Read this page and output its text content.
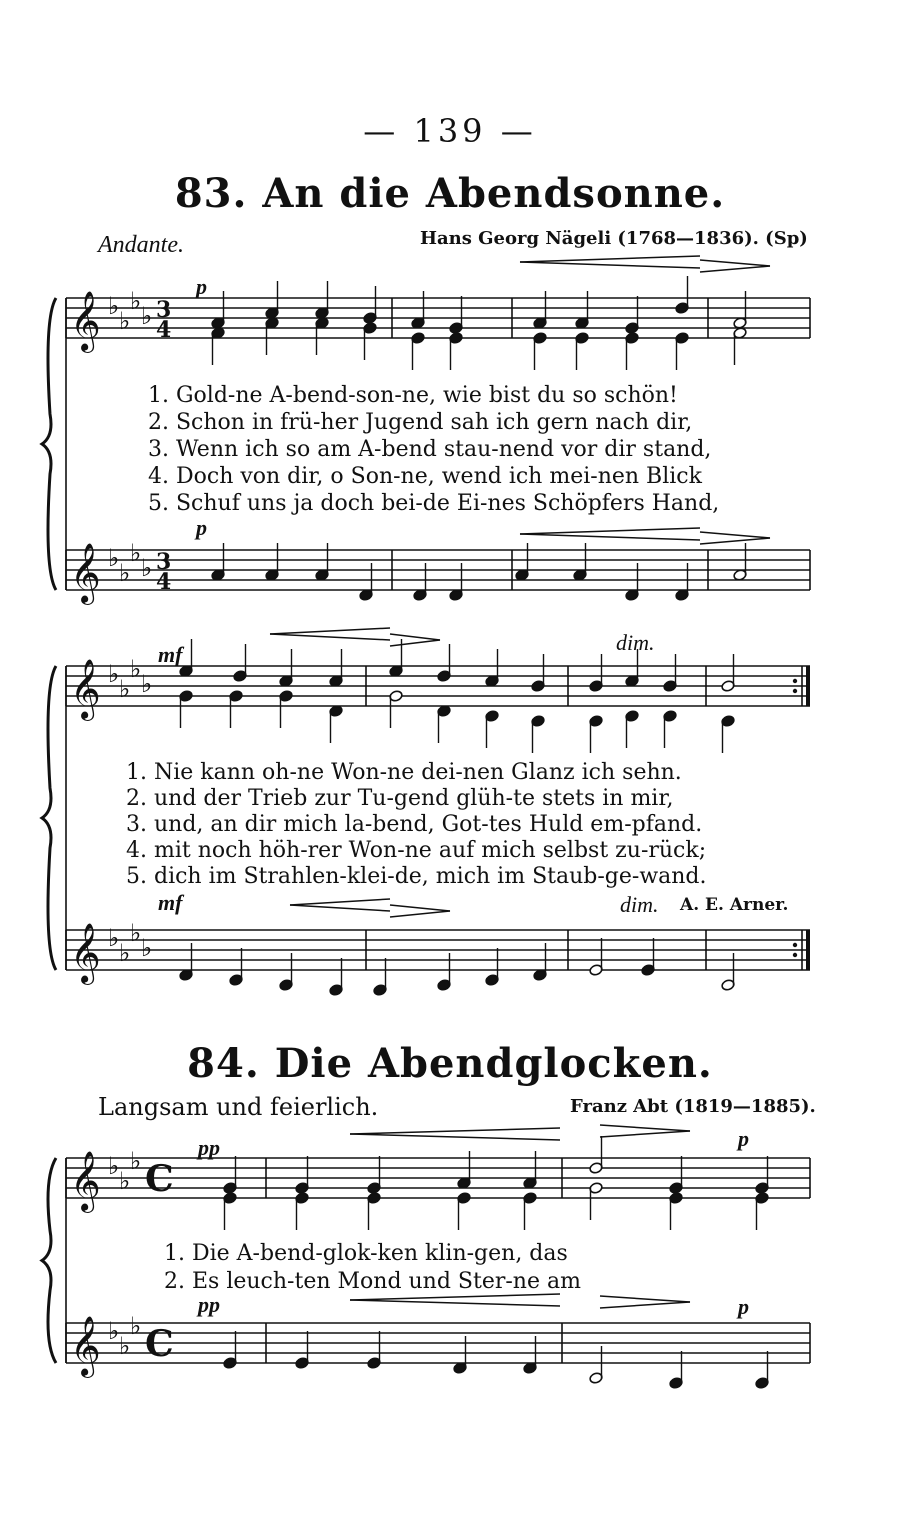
𝄞 ♭
♭
♭
♭ 3
4
𝄞 ♭
♭
♭
♭ 3
4
𝄞 ♭
♭
♭
♭
𝄞 ♭
♭
♭
♭
𝄞 ♭
♭
♭ C
𝄞 ♭
♭
♭ C
— 139 —
83. An die Abendsonne.
Andante.	Hans Georg Nägeli (1768—1836). (Sp)
p
p
mf	dim.
mf	dim. A. E. Arner.
1. Gold-ne A-bend-son-ne, wie bist du so schön!
2. Schon in frü-her Jugend sah ich gern nach dir,
3. Wenn ich so am A-bend stau-nend vor dir stand,
4. Doch von dir, o Son-ne, wend ich mei-nen Blick
5. Schuf uns ja doch bei-de Ei-nes Schöpfers Hand,
1. Nie kann oh-ne Won-ne dei-nen Glanz ich sehn.
2. und der Trieb zur Tu-gend glüh-te stets in mir,
3. und, an dir mich la-bend, Got-tes Huld em-pfand.
4. mit noch höh-rer Won-ne auf mich selbst zu-rück;
5. dich im Strahlen-klei-de, mich im Staub-ge-wand.
84. Die Abendglocken.
Langsam und feierlich.	Franz Abt (1819—1885).
pp	p
pp	p
1. Die A-bend-glok-ken klin-gen, das
2. Es leuch-ten Mond und Ster-ne am
